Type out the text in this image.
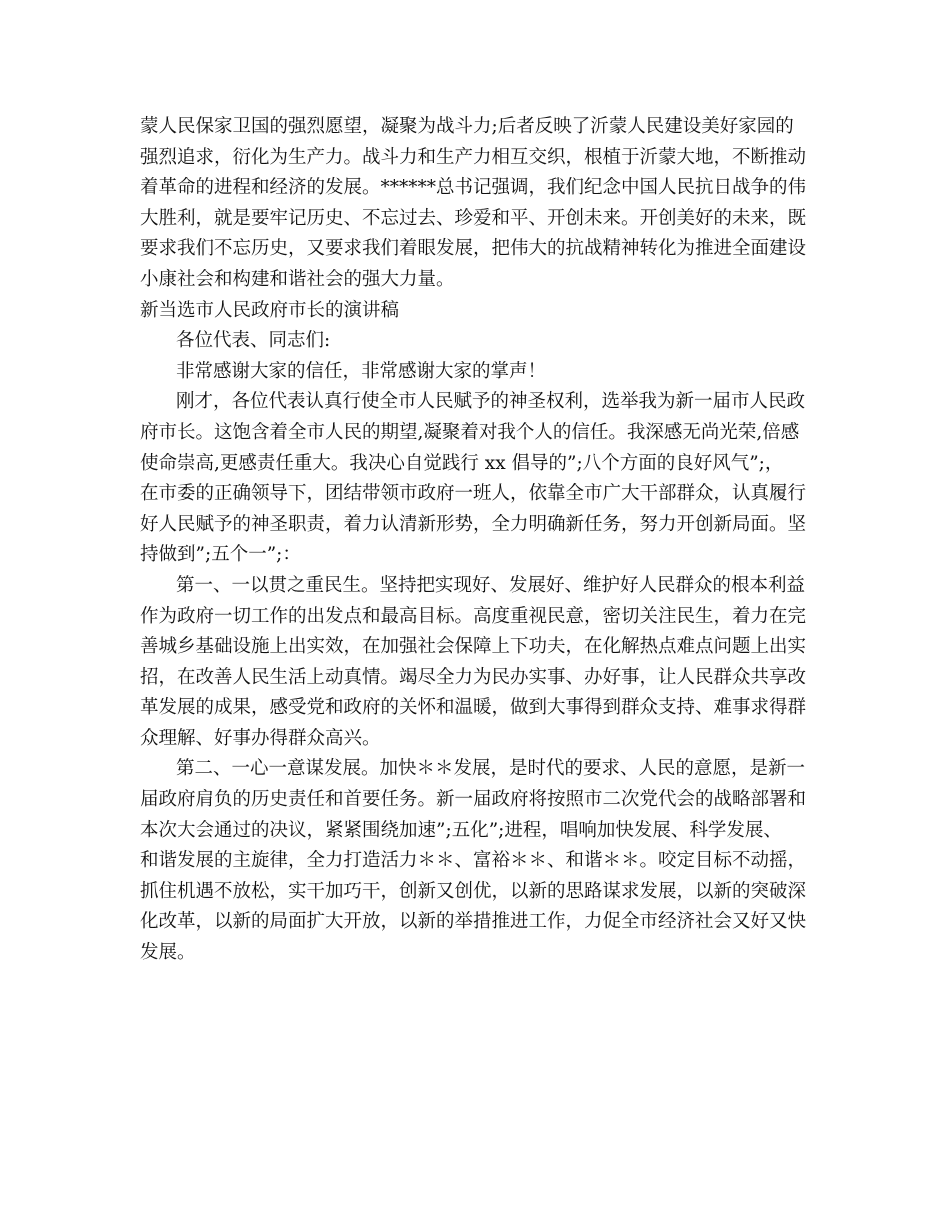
蒙人民保家卫国的强烈愿望，凝聚为战斗力;后者反映了沂蒙人民建设美好家园的
强烈追求，衍化为生产力。战斗力和生产力相互交织，根植于沂蒙大地，不断推动
着革命的进程和经济的发展。******总书记强调，我们纪念中国人民抗日战争的伟
大胜利，就是要牢记历史、不忘过去、珍爱和平、开创未来。开创美好的未来，既
要求我们不忘历史，又要求我们着眼发展，把伟大的抗战精神转化为推进全面建设
小康社会和构建和谐社会的强大力量。
新当选市人民政府市长的演讲稿
各位代表、同志们:
非常感谢大家的信任，非常感谢大家的掌声！
刚才，各位代表认真行使全市人民赋予的神圣权利，选举我为新一届市人民政
府市长。这饱含着全市人民的期望,凝聚着对我个人的信任。我深感无尚光荣,倍感
使命崇高,更感责任重大。我决心自觉践行 xx 倡导的”;八个方面的良好风气”;，
在市委的正确领导下，团结带领市政府一班人，依靠全市广大干部群众，认真履行
好人民赋予的神圣职责，着力认清新形势，全力明确新任务，努力开创新局面。坚
持做到”;五个一”;：
第一、一以贯之重民生。坚持把实现好、发展好、维护好人民群众的根本利益
作为政府一切工作的出发点和最高目标。高度重视民意，密切关注民生，着力在完
善城乡基础设施上出实效，在加强社会保障上下功夫，在化解热点难点问题上出实
招，在改善人民生活上动真情。竭尽全力为民办实事、办好事，让人民群众共享改
革发展的成果，感受党和政府的关怀和温暖，做到大事得到群众支持、难事求得群
众理解、好事办得群众高兴。
第二、一心一意谋发展。加快＊＊发展，是时代的要求、人民的意愿，是新一
届政府肩负的历史责任和首要任务。新一届政府将按照市二次党代会的战略部署和
本次大会通过的决议，紧紧围绕加速”;五化”;进程，唱响加快发展、科学发展、
和谐发展的主旋律，全力打造活力＊＊、富裕＊＊、和谐＊＊。咬定目标不动摇，
抓住机遇不放松，实干加巧干，创新又创优，以新的思路谋求发展，以新的突破深
化改革，以新的局面扩大开放，以新的举措推进工作，力促全市经济社会又好又快
发展。
